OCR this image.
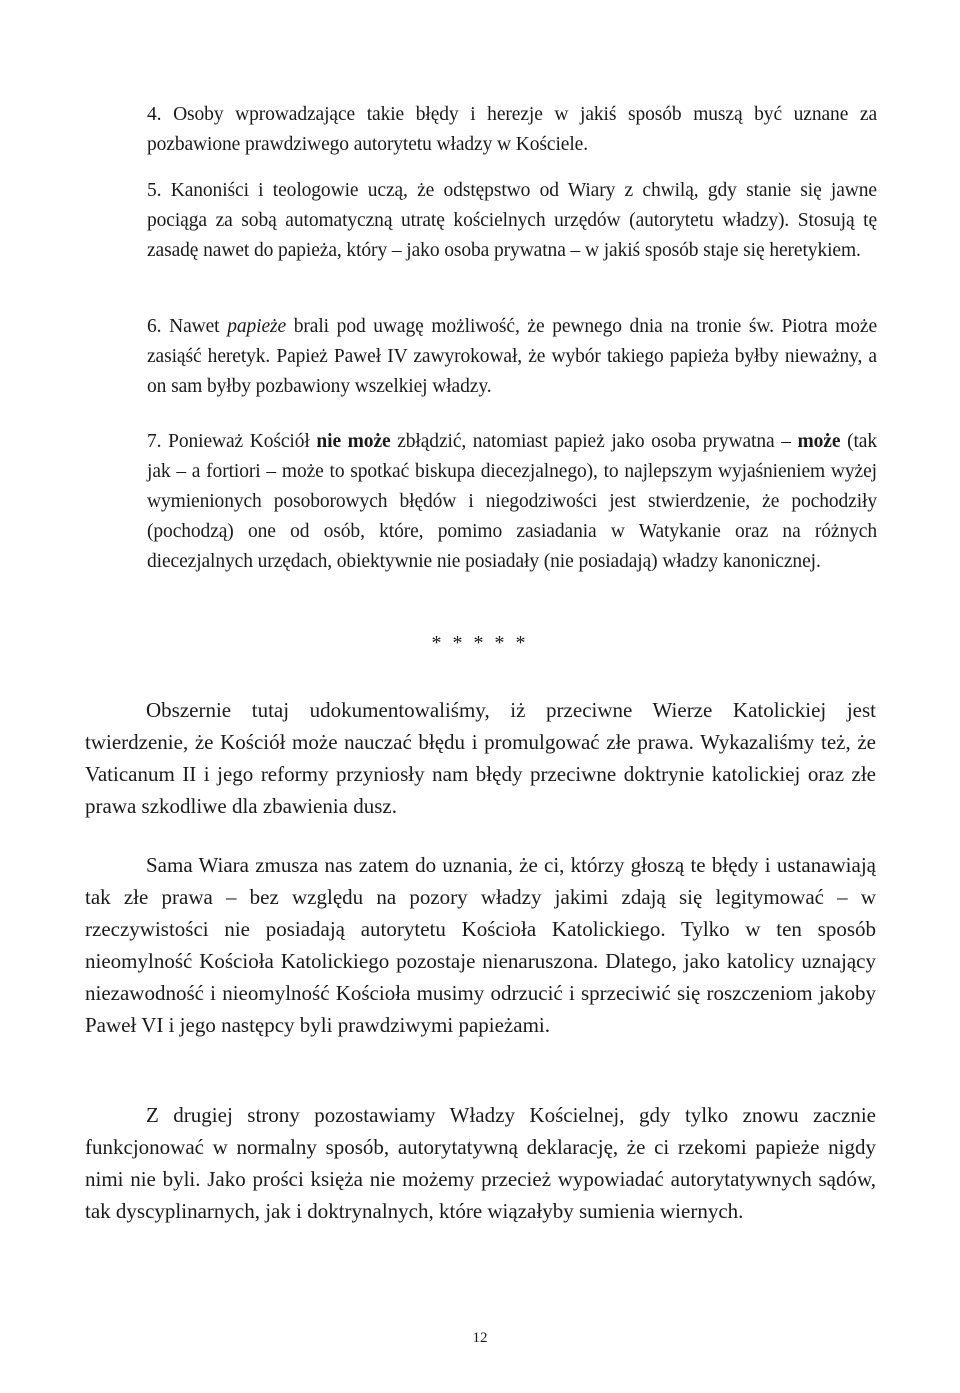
4. Osoby wprowadzające takie błędy i herezje w jakiś sposób muszą być uznane za pozbawione prawdziwego autorytetu władzy w Kościele.

5. Kanoniści i teologowie uczą, że odstępstwo od Wiary z chwilą, gdy stanie się jawne pociąga za sobą automatyczną utratę kościelnych urzędów (autorytetu władzy). Stosują tę zasadę nawet do papieża, który – jako osoba prywatna – w jakiś sposób staje się heretykiem.

6. Nawet papieże brali pod uwagę możliwość, że pewnego dnia na tronie św. Piotra może zasiąść heretyk. Papież Paweł IV zawyrokował, że wybór takiego papieża byłby nieważny, a on sam byłby pozbawiony wszelkiej władzy.

7. Ponieważ Kościół nie może zbłądzić, natomiast papież jako osoba prywatna – może (tak jak – a fortiori – może to spotkać biskupa diecezjalnego), to najlepszym wyjaśnieniem wyżej wymienionych posoborowych błędów i niegodziwości jest stwierdzenie, że pochodziły (pochodzą) one od osób, które, pomimo zasiadania w Watykanie oraz na różnych diecezjalnych urzędach, obiektywnie nie posiadały (nie posiadają) władzy kanonicznej.

* * * * *

Obszernie tutaj udokumentowaliśmy, iż przeciwne Wierze Katolickiej jest twierdzenie, że Kościół może nauczać błędu i promulgować złe prawa. Wykazaliśmy też, że Vaticanum II i jego reformy przyniosły nam błędy przeciwne doktrynie katolickiej oraz złe prawa szkodliwe dla zbawienia dusz.

Sama Wiara zmusza nas zatem do uznania, że ci, którzy głoszą te błędy i ustanawiają tak złe prawa – bez względu na pozory władzy jakimi zdają się legitymować – w rzeczywistości nie posiadają autorytetu Kościoła Katolickiego. Tylko w ten sposób nieomylność Kościoła Katolickiego pozostaje nienaruszona. Dlatego, jako katolicy uznający niezawodność i nieomylność Kościoła musimy odrzucić i sprzeciwić się roszczeniom jakoby Paweł VI i jego następcy byli prawdziwymi papieżami.

Z drugiej strony pozostawiamy Władzy Kościelnej, gdy tylko znowu zacznie funkcjonować w normalny sposób, autorytatywną deklarację, że ci rzekomi papieże nigdy nimi nie byli. Jako prości księża nie możemy przecież wypowiadać autorytatywnych sądów, tak dyscyplinarnych, jak i doktrynalnych, które wiązałyby sumienia wiernych.

12
